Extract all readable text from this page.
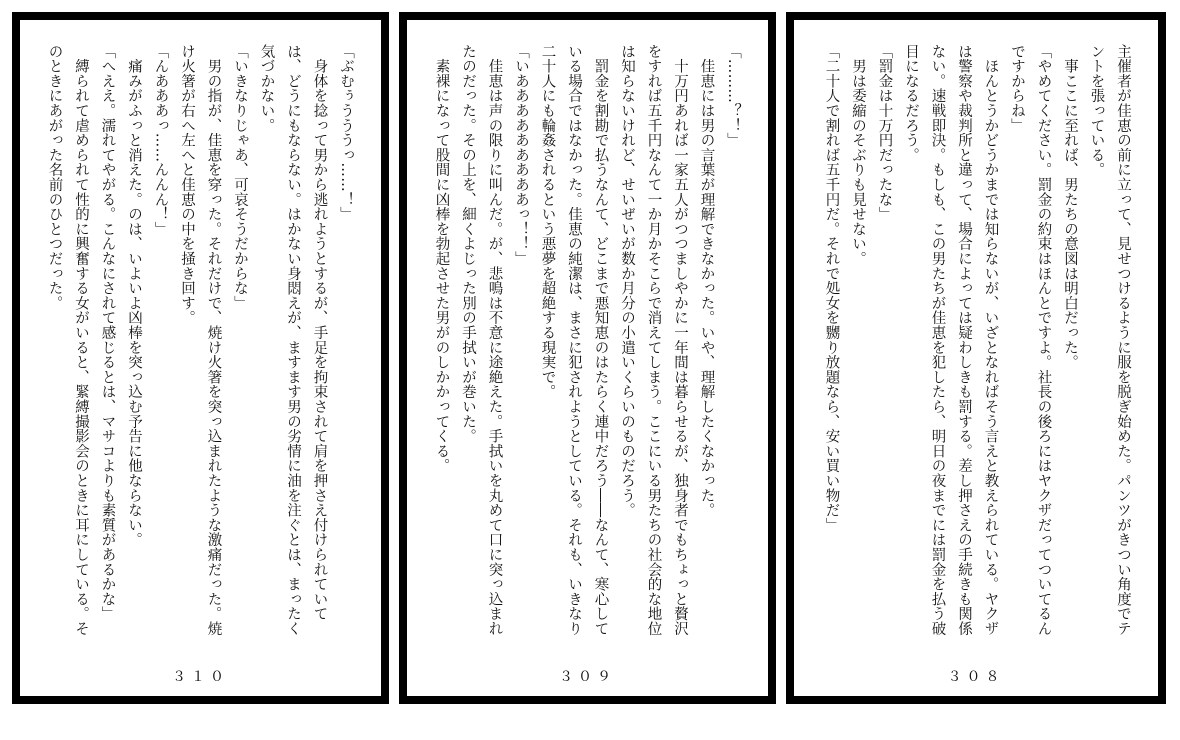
「ぶむぅうううっ……！」
　身体を捻って男から逃れようとするが、手足を拘束されて肩を押さえ付けられていては、どうにもならない。はかない身悶えが、ますます男の劣情に油を注ぐとは、まったく気づかない。
「いきなりじゃあ、可哀そうだからな」
　男の指が、佳恵を穿った。それだけで、焼け火箸を突っ込まれたような激痛だった。焼け火箸が右へ左へと佳恵の中を掻き回す。
「んあああっ……んんん！」
　痛みがふっと消えた。のは、いよいよ凶棒を突っ込む予告に他ならない。
「へええ。濡れてやがる。こんなにされて感じるとは、マサコよりも素質があるかな」
　縛られて虐められて性的に興奮する女がいると、緊縛撮影会のときに耳にしている。そのときにあがった名前のひとつだった。
３１０
「………？！」
　佳恵には男の言葉が理解できなかった。いや、理解したくなかった。
　十万円あれば一家五人がつつましやかに一年間は暮らせるが、独身者でもちょっと贅沢をすれば五千円なんて一か月かそこらで消えてしまう。ここにいる男たちの社会的な地位は知らないけれど、せいぜいが数か月分の小遣いくらいのものだろう。
　罰金を割勘で払うなんて、どこまで悪知恵のはたらく連中だろう――なんて、寒心している場合ではなかった。佳恵の純潔は、まさに犯されようとしている。それも、いきなり二十人にも輪姦されるという悪夢を超絶する現実で。
「いあああああああああっ！！」
　佳恵は声の限りに叫んだ。が、悲鳴は不意に途絶えた。手拭いを丸めて口に突っ込まれたのだった。その上を、細くよじった別の手拭いが巻いた。
　素裸になって股間に凶棒を勃起させた男がのしかかってくる。
３０９
主催者が佳恵の前に立って、見せつけるように服を脱ぎ始めた。パンツがきつい角度でテントを張っている。
　事ここに至れば、男たちの意図は明白だった。
「やめてください。罰金の約束はほんとですよ。社長の後ろにはヤクザだってついてるんですからね」
　ほんとうかどうかまでは知らないが、いざとなればそう言えと教えられている。ヤクザは警察や裁判所と違って、場合によっては疑わしきも罰する。差し押さえの手続きも関係ない。速戦即決。もしも、この男たちが佳恵を犯したら、明日の夜までには罰金を払う破目になるだろう。
「罰金は十万円だったな」
　男は委縮のそぶりも見せない。
「二十人で割れば五千円だ。それで処女を嬲り放題なら、安い買い物だ」
３０８
